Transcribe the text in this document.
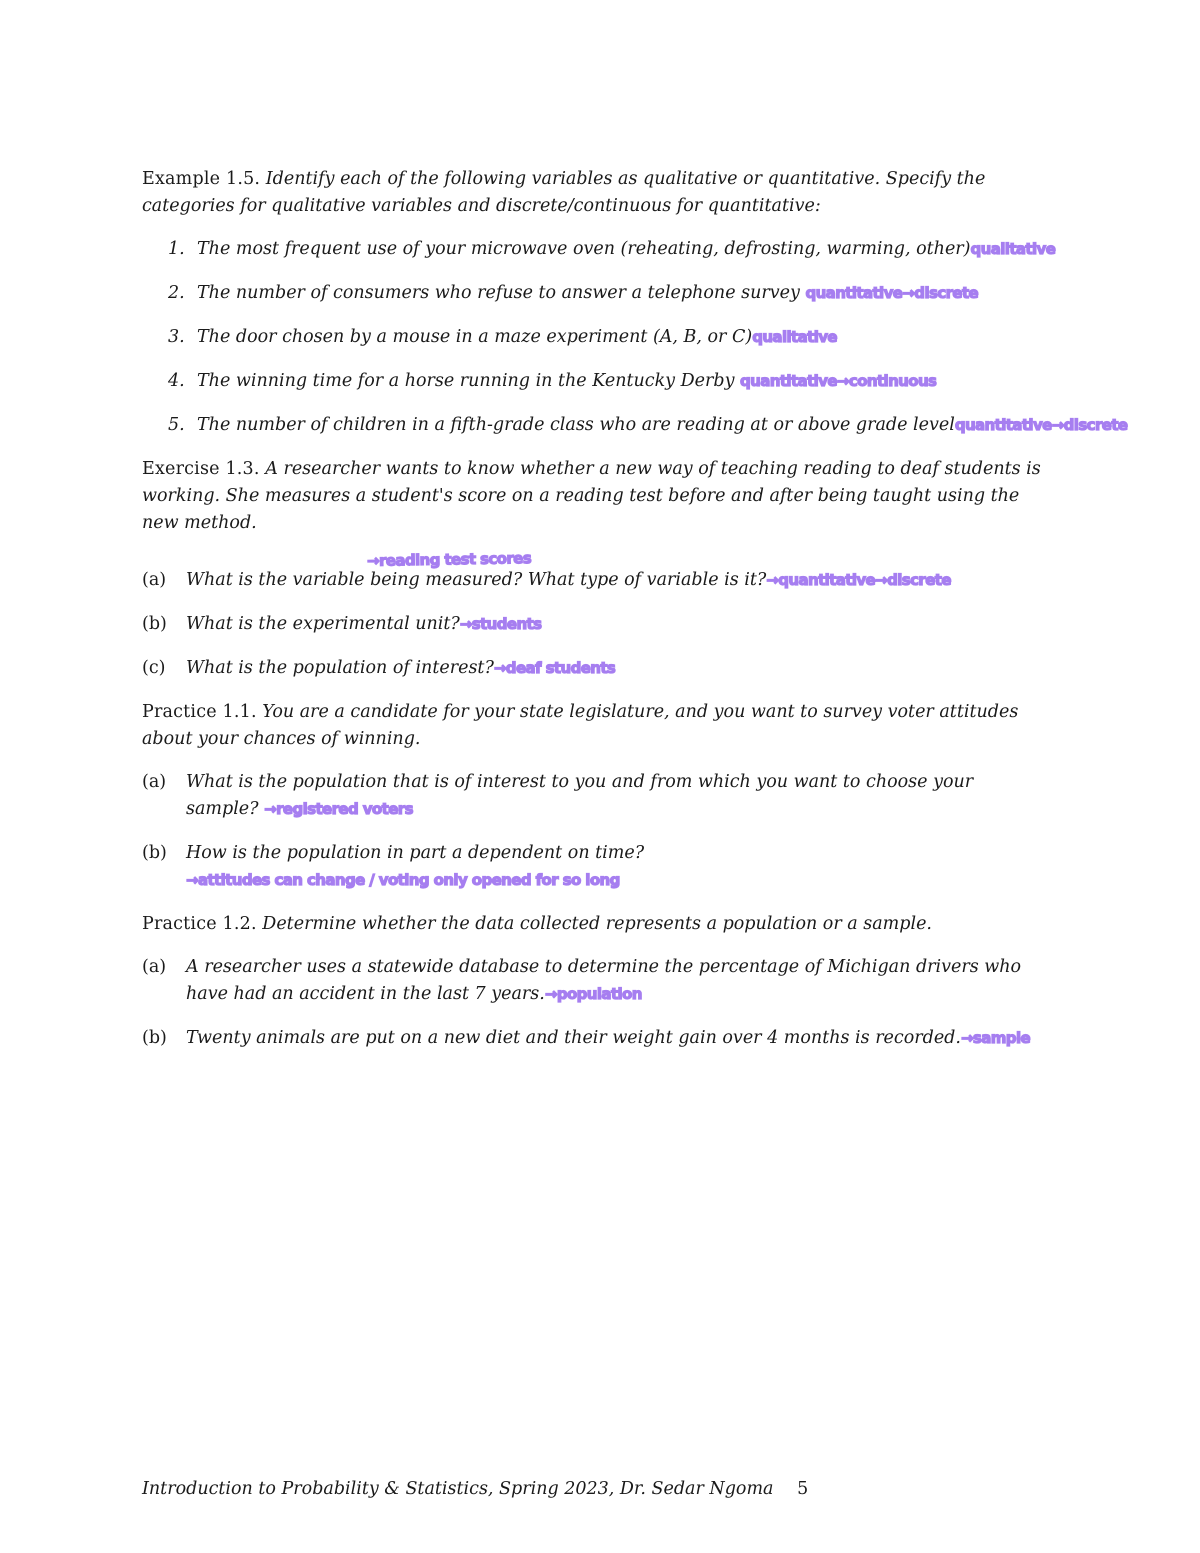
Example 1.5. Identify each of the following variables as qualitative or quantitative. Specify the categories for qualitative variables and discrete/continuous for quantitative:

1. The most frequent use of your microwave oven (reheating, defrosting, warming, other)qualitative
2. The number of consumers who refuse to answer a telephone survey quantitative→discrete
3. The door chosen by a mouse in a maze experiment (A, B, or C)qualitative
4. The winning time for a horse running in the Kentucky Derby quantitative→continuous
5. The number of children in a fifth-grade class who are reading at or above grade levelquantitative→discrete

Exercise 1.3. A researcher wants to know whether a new way of teaching reading to deaf students is working. She measures a student's score on a reading test before and after being taught using the new method.

→reading test scores
(a) What is the variable being measured? What type of variable is it?→quantitative→discrete
(b) What is the experimental unit?→students
(c) What is the population of interest?→deaf students

Practice 1.1. You are a candidate for your state legislature, and you want to survey voter attitudes about your chances of winning.

(a) What is the population that is of interest to you and from which you want to choose your sample? →registered voters
(b) How is the population in part a dependent on time?→attitudes can change / voting only opened for so long

Practice 1.2. Determine whether the data collected represents a population or a sample.

(a) A researcher uses a statewide database to determine the percentage of Michigan drivers who have had an accident in the last 7 years.→population
(b) Twenty animals are put on a new diet and their weight gain over 4 months is recorded.→sample
Introduction to Probability & Statistics, Spring 2023, Dr. Sedar Ngoma 5
